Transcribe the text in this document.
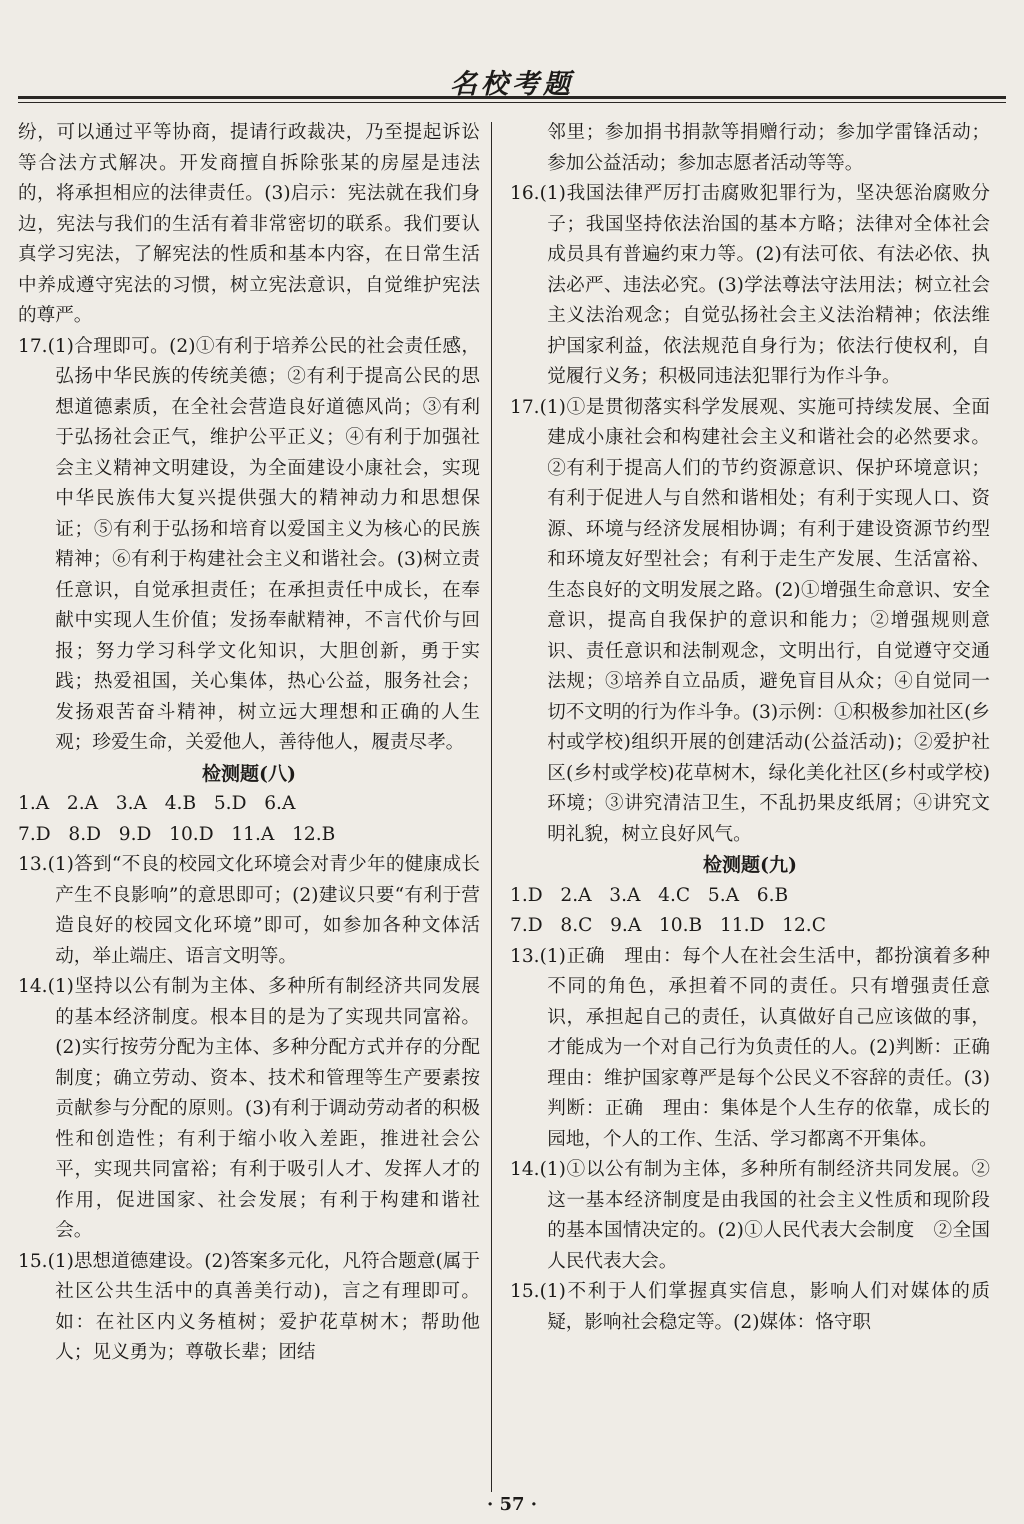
名校考题

纷，可以通过平等协商，提请行政裁决，乃至提起诉讼等合法方式解决。开发商擅自拆除张某的房屋是违法的，将承担相应的法律责任。(3)启示：宪法就在我们身边，宪法与我们的生活有着非常密切的联系。我们要认真学习宪法，了解宪法的性质和基本内容，在日常生活中养成遵守宪法的习惯，树立宪法意识，自觉维护宪法的尊严。

17.(1)合理即可。(2)①有利于培养公民的社会责任感，弘扬中华民族的传统美德；②有利于提高公民的思想道德素质，在全社会营造良好道德风尚；③有利于弘扬社会正气，维护公平正义；④有利于加强社会主义精神文明建设，为全面建设小康社会，实现中华民族伟大复兴提供强大的精神动力和思想保证；⑤有利于弘扬和培育以爱国主义为核心的民族精神；⑥有利于构建社会主义和谐社会。(3)树立责任意识，自觉承担责任；在承担责任中成长，在奉献中实现人生价值；发扬奉献精神，不言代价与回报；努力学习科学文化知识，大胆创新，勇于实践；热爱祖国，关心集体，热心公益，服务社会；发扬艰苦奋斗精神，树立远大理想和正确的人生观；珍爱生命，关爱他人，善待他人，履责尽孝。

检测题(八)

1.A   2.A   3.A   4.B   5.D   6.A

7.D   8.D   9.D   10.D   11.A   12.B

13.(1)答到“不良的校园文化环境会对青少年的健康成长产生不良影响”的意思即可；(2)建议只要“有利于营造良好的校园文化环境”即可，如参加各种文体活动，举止端庄、语言文明等。

14.(1)坚持以公有制为主体、多种所有制经济共同发展的基本经济制度。根本目的是为了实现共同富裕。(2)实行按劳分配为主体、多种分配方式并存的分配制度；确立劳动、资本、技术和管理等生产要素按贡献参与分配的原则。(3)有利于调动劳动者的积极性和创造性；有利于缩小收入差距，推进社会公平，实现共同富裕；有利于吸引人才、发挥人才的作用，促进国家、社会发展；有利于构建和谐社会。

15.(1)思想道德建设。(2)答案多元化，凡符合题意(属于社区公共生活中的真善美行动)，言之有理即可。如：在社区内义务植树；爱护花草树木；帮助他人；见义勇为；尊敬长辈；团结

邻里；参加捐书捐款等捐赠行动；参加学雷锋活动；参加公益活动；参加志愿者活动等等。

16.(1)我国法律严厉打击腐败犯罪行为，坚决惩治腐败分子；我国坚持依法治国的基本方略；法律对全体社会成员具有普遍约束力等。(2)有法可依、有法必依、执法必严、违法必究。(3)学法尊法守法用法；树立社会主义法治观念；自觉弘扬社会主义法治精神；依法维护国家利益，依法规范自身行为；依法行使权利，自觉履行义务；积极同违法犯罪行为作斗争。

17.(1)①是贯彻落实科学发展观、实施可持续发展、全面建成小康社会和构建社会主义和谐社会的必然要求。②有利于提高人们的节约资源意识、保护环境意识；有利于促进人与自然和谐相处；有利于实现人口、资源、环境与经济发展相协调；有利于建设资源节约型和环境友好型社会；有利于走生产发展、生活富裕、生态良好的文明发展之路。(2)①增强生命意识、安全意识，提高自我保护的意识和能力；②增强规则意识、责任意识和法制观念，文明出行，自觉遵守交通法规；③培养自立品质，避免盲目从众；④自觉同一切不文明的行为作斗争。(3)示例：①积极参加社区(乡村或学校)组织开展的创建活动(公益活动)；②爱护社区(乡村或学校)花草树木，绿化美化社区(乡村或学校)环境；③讲究清洁卫生，不乱扔果皮纸屑；④讲究文明礼貌，树立良好风气。

检测题(九)

1.D   2.A   3.A   4.C   5.A   6.B

7.D   8.C   9.A   10.B   11.D   12.C

13.(1)正确　理由：每个人在社会生活中，都扮演着多种不同的角色，承担着不同的责任。只有增强责任意识，承担起自己的责任，认真做好自己应该做的事，才能成为一个对自己行为负责任的人。(2)判断：正确　理由：维护国家尊严是每个公民义不容辞的责任。(3)判断：正确　理由：集体是个人生存的依靠，成长的园地，个人的工作、生活、学习都离不开集体。

14.(1)①以公有制为主体，多种所有制经济共同发展。②这一基本经济制度是由我国的社会主义性质和现阶段的基本国情决定的。(2)①人民代表大会制度　②全国人民代表大会。

15.(1)不利于人们掌握真实信息，影响人们对媒体的质疑，影响社会稳定等。(2)媒体：恪守职

· 57 ·
